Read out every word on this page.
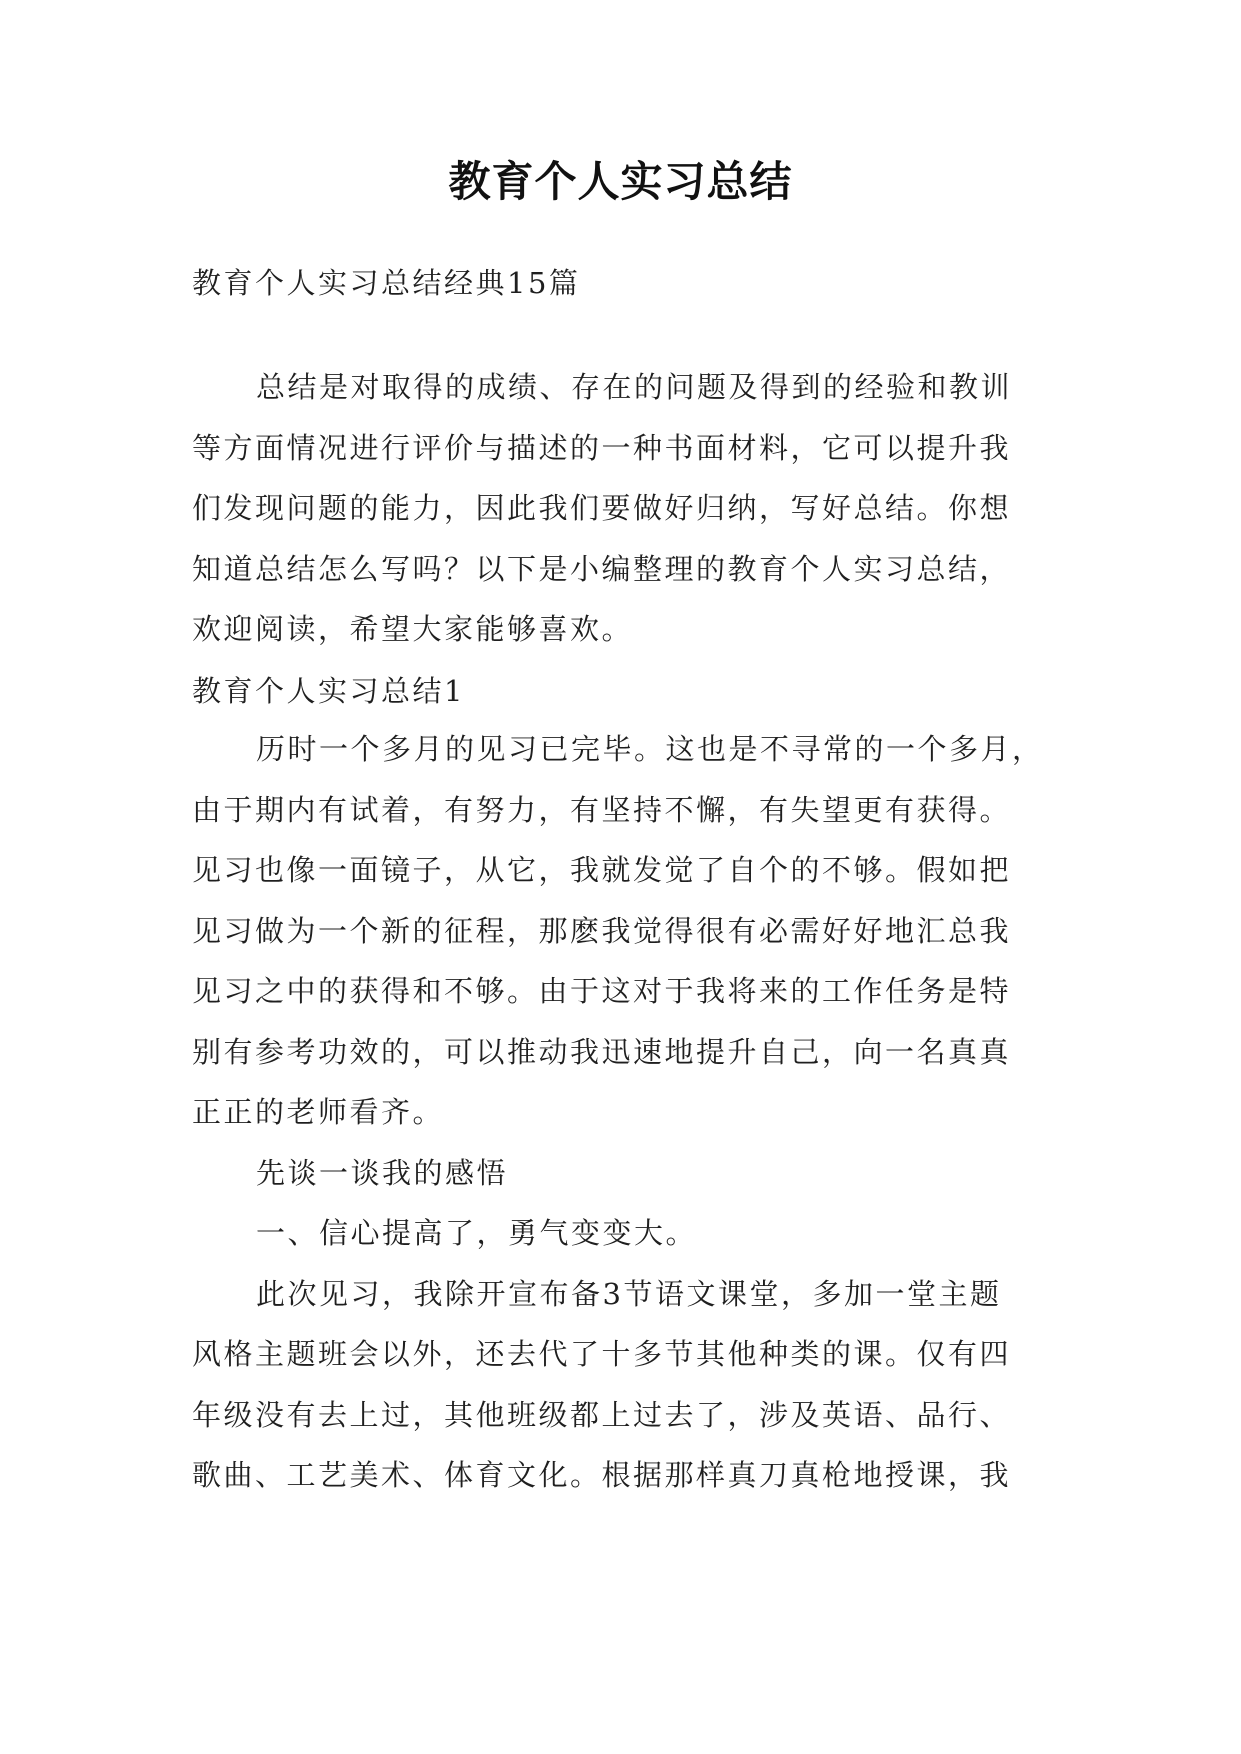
教育个人实习总结

教育个人实习总结经典15篇

总结是对取得的成绩、存在的问题及得到的经验和教训
等方面情况进行评价与描述的一种书面材料，它可以提升我
们发现问题的能力，因此我们要做好归纳，写好总结。你想
知道总结怎么写吗？以下是小编整理的教育个人实习总结，
欢迎阅读，希望大家能够喜欢。

教育个人实习总结1

历时一个多月的见习已完毕。这也是不寻常的一个多月，
由于期内有试着，有努力，有坚持不懈，有失望更有获得。
见习也像一面镜子，从它，我就发觉了自个的不够。假如把
见习做为一个新的征程，那麽我觉得很有必需好好地汇总我
见习之中的获得和不够。由于这对于我将来的工作任务是特
别有参考功效的，可以推动我迅速地提升自己，向一名真真
正正的老师看齐。
先谈一谈我的感悟
一、信心提高了，勇气变变大。
此次见习，我除开宣布备3节语文课堂，多加一堂主题
风格主题班会以外，还去代了十多节其他种类的课。仅有四
年级没有去上过，其他班级都上过去了，涉及英语、品行、
歌曲、工艺美术、体育文化。根据那样真刀真枪地授课，我
